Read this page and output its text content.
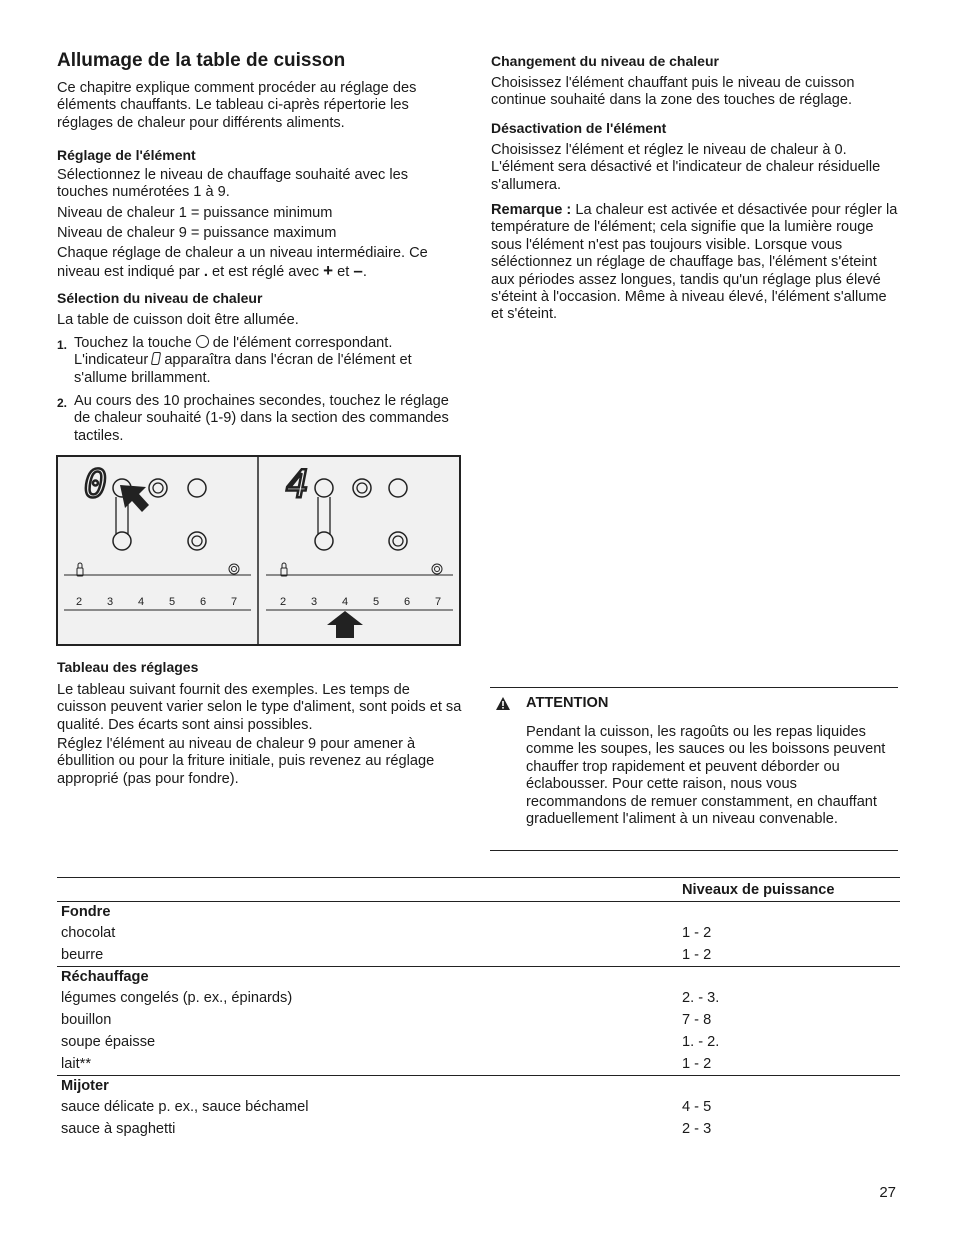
Allumage de la table de cuisson

Ce chapitre explique comment procéder au réglage des éléments chauffants. Le tableau ci-après répertorie les réglages de chaleur pour différents aliments.

Réglage de l'élément

Sélectionnez le niveau de chauffage souhaité avec les touches numérotées 1 à 9.

Niveau de chaleur 1 = puissance minimum

Niveau de chaleur 9 = puissance maximum

Chaque réglage de chaleur a un niveau intermédiaire. Ce
niveau est indiqué par . et est réglé avec + et –.
Sélection du niveau de chaleur

La table de cuisson doit être allumée.

1. Touchez la touche de l'élément correspondant. L'indicateur apparaîtra dans l'écran de l'élément et s'allume brillamment.
2. Au cours des 10 prochaines secondes, touchez le réglage de chaleur souhaité (1-9) dans la section des commandes tactiles.
0
2 3 4 5 6 7
4
2 3 4 5 6 7
Tableau des réglages

Le tableau suivant fournit des exemples. Les temps de cuisson peuvent varier selon le type d'aliment, sont poids et sa qualité. Des écarts sont ainsi possibles.

Réglez l'élément au niveau de chaleur 9 pour amener à ébullition ou pour la friture initiale, puis revenez au réglage approprié (pas pour fondre).

Changement du niveau de chaleur

Choisissez l'élément chauffant puis le niveau de cuisson continue souhaité dans la zone des touches de réglage.

Désactivation de l'élément

Choisissez l'élément et réglez le niveau de chaleur à 0. L'élément sera désactivé et l'indicateur de chaleur résiduelle s'allumera.

Remarque : La chaleur est activée et désactivée pour régler la température de l'élément; cela signifie que la lumière rouge sous l'élément n'est pas toujours visible. Lorsque vous séléctionnez un réglage de chauffage bas, l'élément s'éteint aux périodes assez longues, tandis qu'un réglage plus élevé s'éteint à l'occasion. Même à niveau élevé, l'élément s'allume et s'éteint.

ATTENTION

Pendant la cuisson, les ragoûts ou les repas liquides comme les soupes, les sauces ou les boissons peuvent chauffer trop rapidement et peuvent déborder ou éclabousser. Pour cette raison, nous vous recommandons de remuer constamment, en chauffant graduellement l'aliment à un niveau convenable.

	Niveaux de puissance
Fondre	
chocolat	1 - 2
beurre	1 - 2
Réchauffage	
légumes congelés (p. ex., épinards)	2. - 3.
bouillon	7 - 8
soupe épaisse	1. - 2.
lait**	1 - 2
Mijoter	
sauce délicate p. ex., sauce béchamel	4 - 5
sauce à spaghetti	2 - 3
27
